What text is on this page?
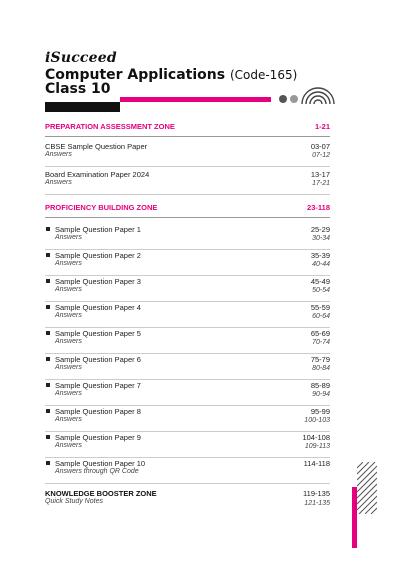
iSucceed
Computer Applications (Code-165)
Class 10
PREPARATION ASSESSMENT ZONE	1-21
CBSE Sample Question Paper
Answers
03-07
07-12
Board Examination Paper 2024
Answers
13-17
17-21
PROFICIENCY BUILDING ZONE	23-118
Sample Question Paper 1
Answers
25-29
30-34
Sample Question Paper 2
Answers
35-39
40-44
Sample Question Paper 3
Answers
45-49
50-54
Sample Question Paper 4
Answers
55-59
60-64
Sample Question Paper 5
Answers
65-69
70-74
Sample Question Paper 6
Answers
75-79
80-84
Sample Question Paper 7
Answers
85-89
90-94
Sample Question Paper 8
Answers
95-99
100-103
Sample Question Paper 9
Answers
104-108
109-113
Sample Question Paper 10
Answers through QR Code
114-118
KNOWLEDGE BOOSTER ZONE
Quick Study Notes
119-135
121-135
